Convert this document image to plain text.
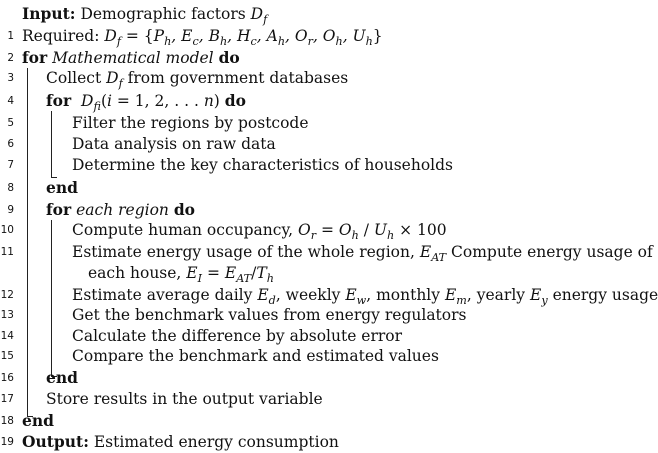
Input: Demographic factors $D_f$
1 Required: $D_f = \{P_h$, $E_c$, $B_h$, $H_c$, $A_h$, $O_r$, $O_h$, $U_h$}
2 for Mathematical model do
3 Collect $D_f$ from government databases
4 for  $D_{fi}(i = 1$, 2, . . . n) do
5	Filter the regions by postcode
6	Data analysis on raw data
7	Determine the key characteristics of households
8 end
9 for each region do
10	Compute human occupancy, $O_r = O_h / U_h \times 100$
11	Estimate energy usage of the whole region, $E_{AT}$ Compute energy usage of
each house, $E_I = E_{AT}/T_h$
12	Estimate average daily $E_d$, weekly $E_w$, monthly $E_m$, yearly $E_y$ energy usage
13	Get the benchmark values from energy regulators
14	Calculate the difference by absolute error
15	Compare the benchmark and estimated values
16 end
17 Store results in the output variable
18 end
19 Output: Estimated energy consumption
